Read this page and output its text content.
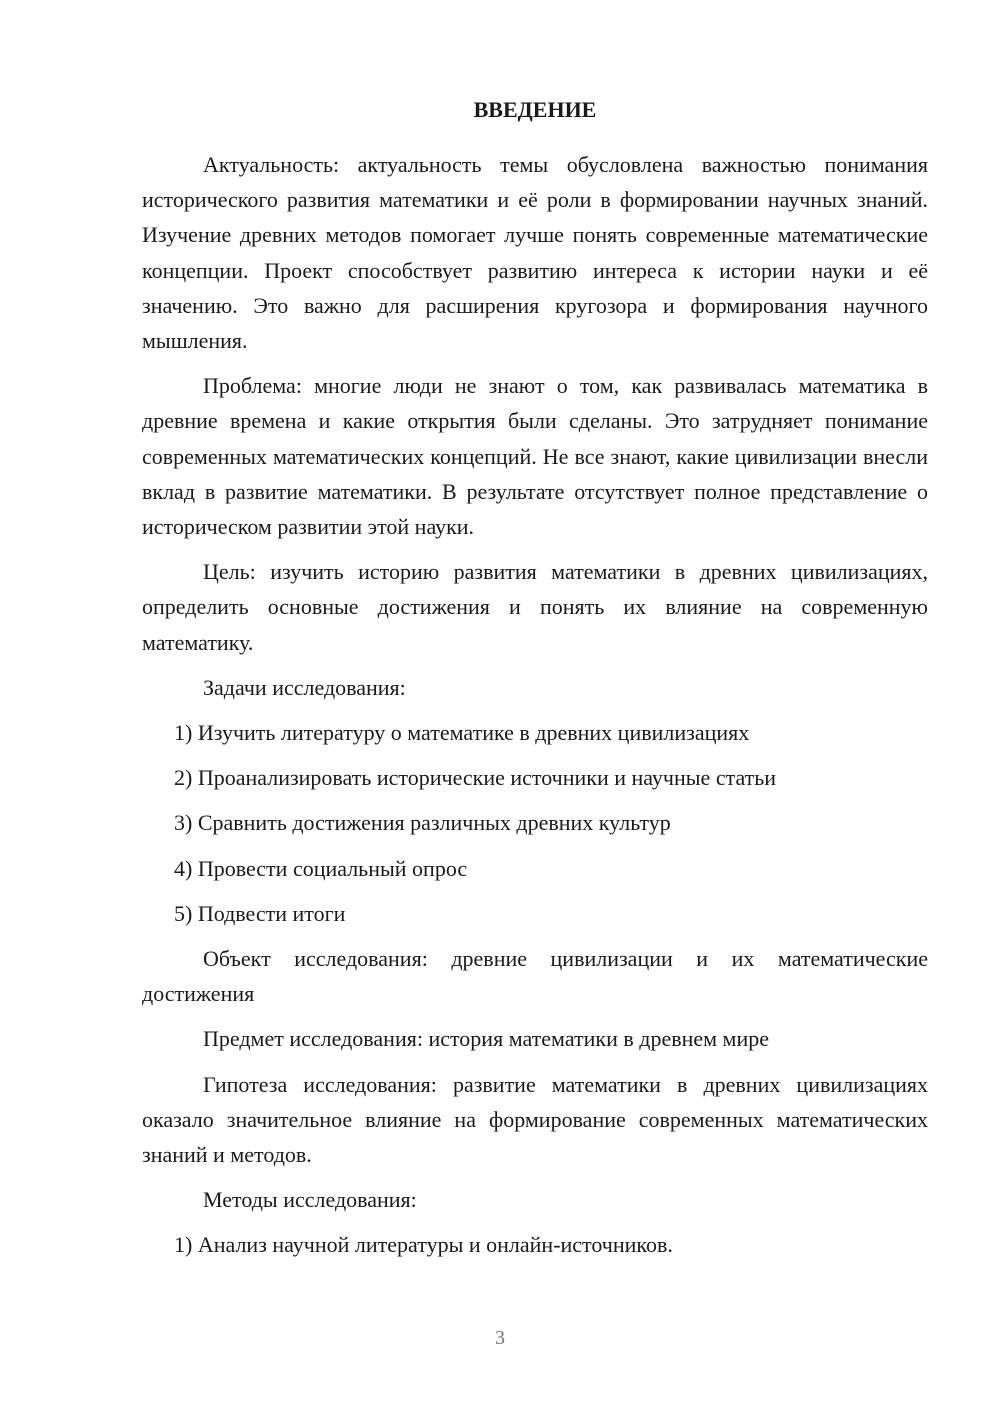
ВВЕДЕНИЕ

Актуальность: актуальность темы обусловлена важностью понимания исторического развития математики и её роли в формировании научных знаний. Изучение древних методов помогает лучше понять современные математические концепции. Проект способствует развитию интереса к истории науки и её значению. Это важно для расширения кругозора и формирования научного мышления.

Проблема: многие люди не знают о том, как развивалась математика в древние времена и какие открытия были сделаны. Это затрудняет понимание современных математических концепций. Не все знают, какие цивилизации внесли вклад в развитие математики. В результате отсутствует полное представление о историческом развитии этой науки.

Цель: изучить историю развития математики в древних цивилизациях, определить основные достижения и понять их влияние на современную математику.

Задачи исследования:

1) Изучить литературу о математике в древних цивилизациях

2) Проанализировать исторические источники и научные статьи

3) Сравнить достижения различных древних культур

4) Провести социальный опрос

5) Подвести итоги

Объект исследования: древние цивилизации и их математические достижения

Предмет исследования: история математики в древнем мире

Гипотеза исследования: развитие математики в древних цивилизациях оказало значительное влияние на формирование современных математических знаний и методов.

Методы исследования:

1) Анализ научной литературы и онлайн-источников.

3
